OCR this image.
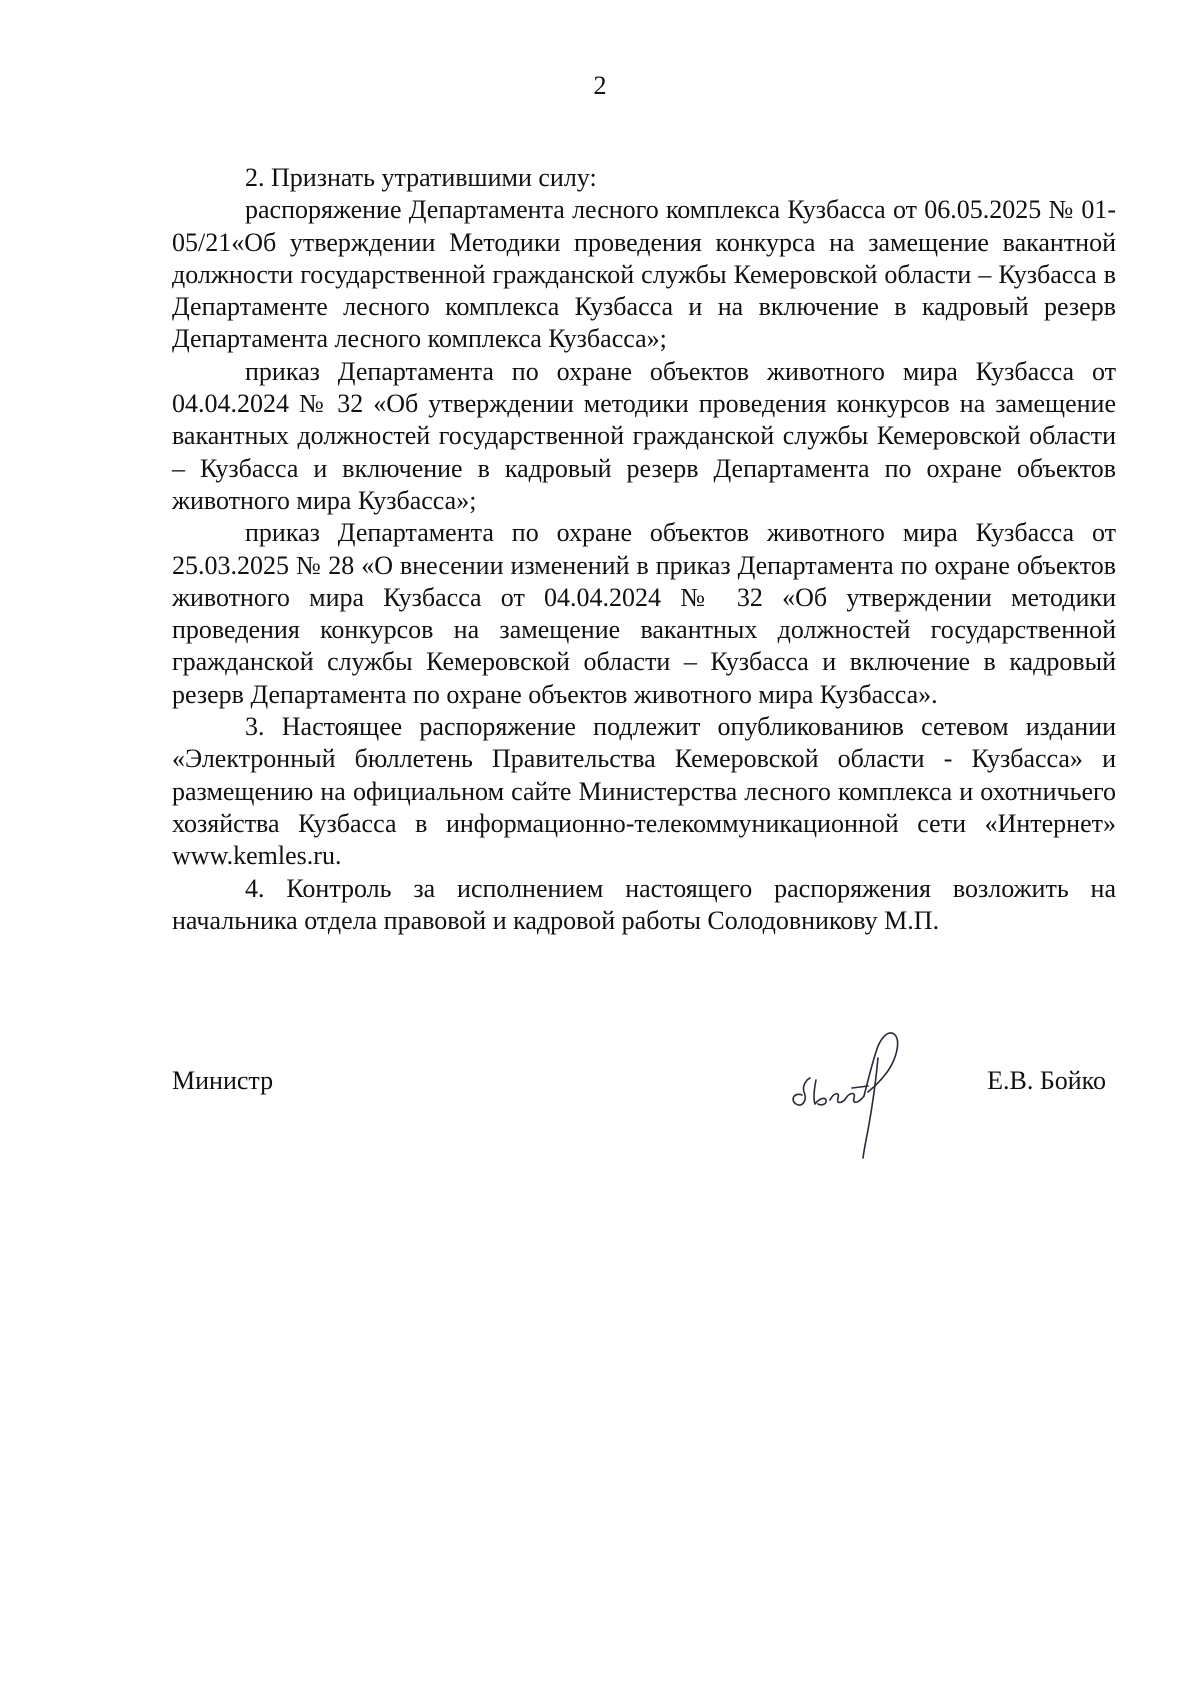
2

2. Признать утратившими силу:

распоряжение Департамента лесного комплекса Кузбасса от 06.05.2025 № 01-05/21«Об утверждении Методики проведения конкурса на замещение вакантной должности государственной гражданской службы Кемеровской области – Кузбасса в Департаменте лесного комплекса Кузбасса и на включение в кадровый резерв Департамента лесного комплекса Кузбасса»;

приказ Департамента по охране объектов животного мира Кузбасса от 04.04.2024 № 32 «Об утверждении методики проведения конкурсов на замещение вакантных должностей государственной гражданской службы Кемеровской области – Кузбасса и включение в кадровый резерв Департамента по охране объектов животного мира Кузбасса»;

приказ Департамента по охране объектов животного мира Кузбасса от 25.03.2025 № 28 «О внесении изменений в приказ Департамента по охране объектов животного мира Кузбасса от 04.04.2024 № 32 «Об утверждении методики проведения конкурсов на замещение вакантных должностей государственной гражданской службы Кемеровской области – Кузбасса и включение в кадровый резерв Департамента по охране объектов животного мира Кузбасса».

3. Настоящее распоряжение подлежит опубликованиюв сетевом издании «Электронный бюллетень Правительства Кемеровской области - Кузбасса» и размещению на официальном сайте Министерства лесного комплекса и охотничьего хозяйства Кузбасса в информационно-телекоммуникационной сети «Интернет» www.kemles.ru.

4. Контроль за исполнением настоящего распоряжения возложить на начальника отдела правовой и кадровой работы Солодовникову М.П.

Министр	Е.В. Бойко
